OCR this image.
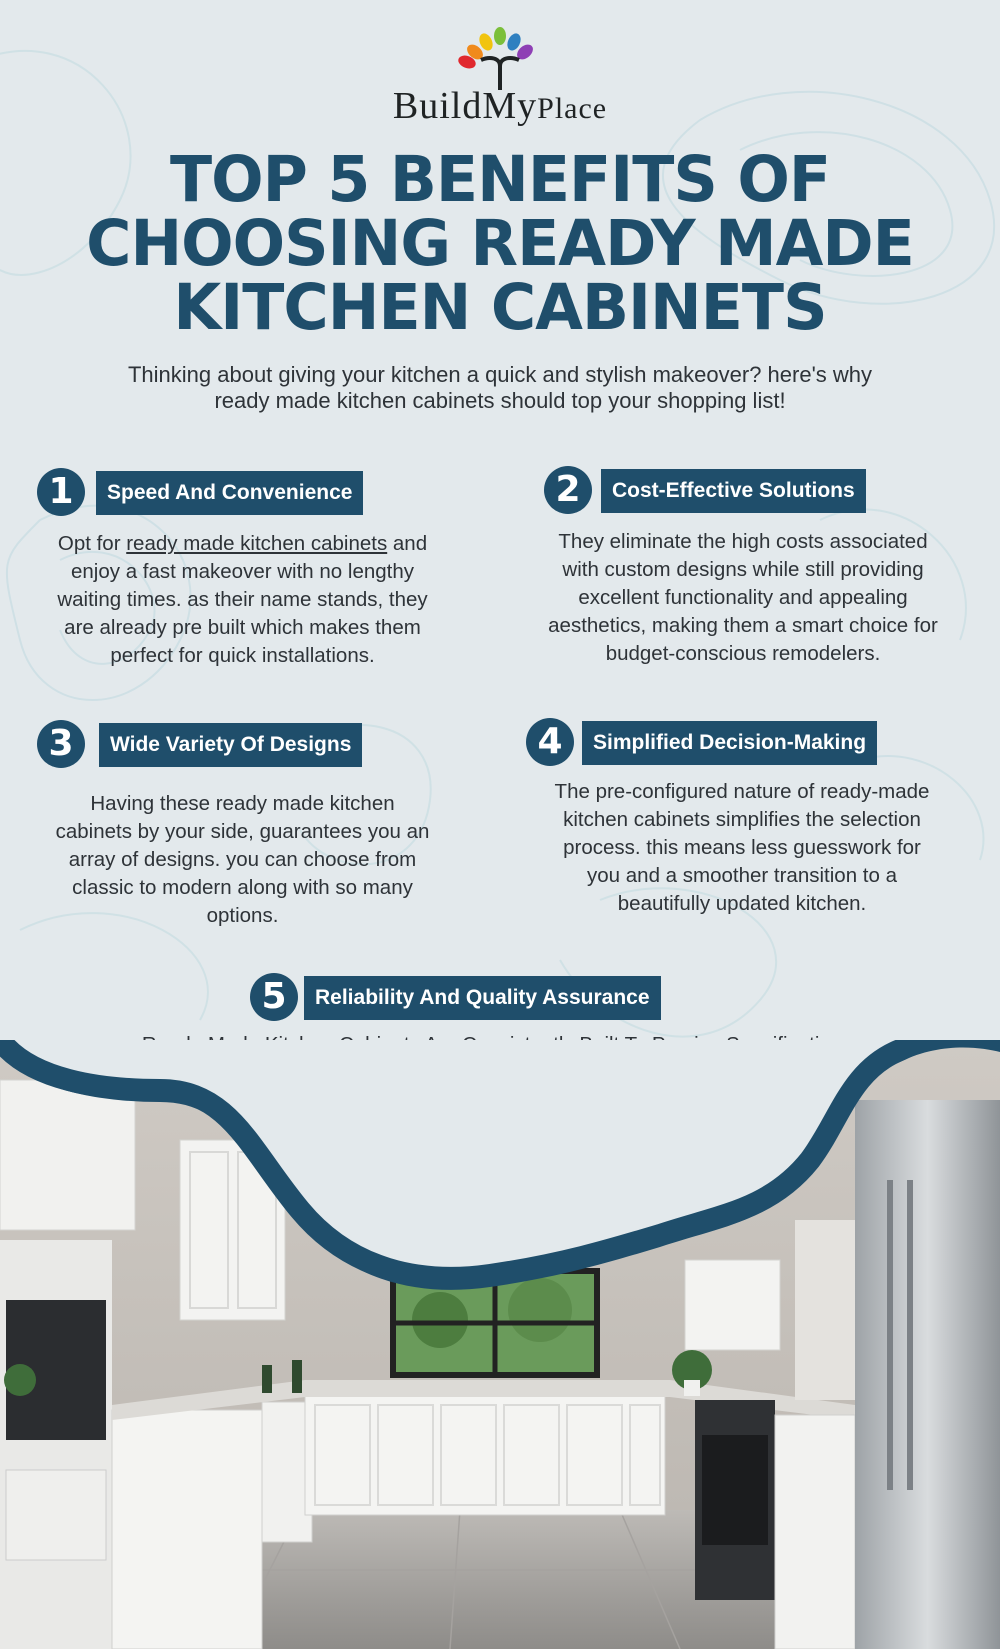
BuildMyPlace
TOP 5 BENEFITS OF
CHOOSING READY MADE
KITCHEN CABINETS
Thinking about giving your kitchen a quick and stylish makeover? here's why ready made kitchen cabinets should top your shopping list!
1	Speed And Convenience
Opt for ready made kitchen cabinets and enjoy a fast makeover with no lengthy waiting times. as their name stands, they are already pre built which makes them perfect for quick installations.
2	Cost-Effective Solutions
They eliminate the high costs associated with custom designs while still providing excellent functionality and appealing aesthetics, making them a smart choice for budget-conscious remodelers.
3	Wide Variety Of Designs
Having these ready made kitchen cabinets by your side, guarantees you an array of designs. you can choose from classic to modern along with so many options.
4	Simplified Decision-Making
The pre-configured nature of ready-made kitchen cabinets simplifies the selection process. this means less guesswork for you and a smoother transition to a beautifully updated kitchen.
5	Reliability And Quality Assurance
